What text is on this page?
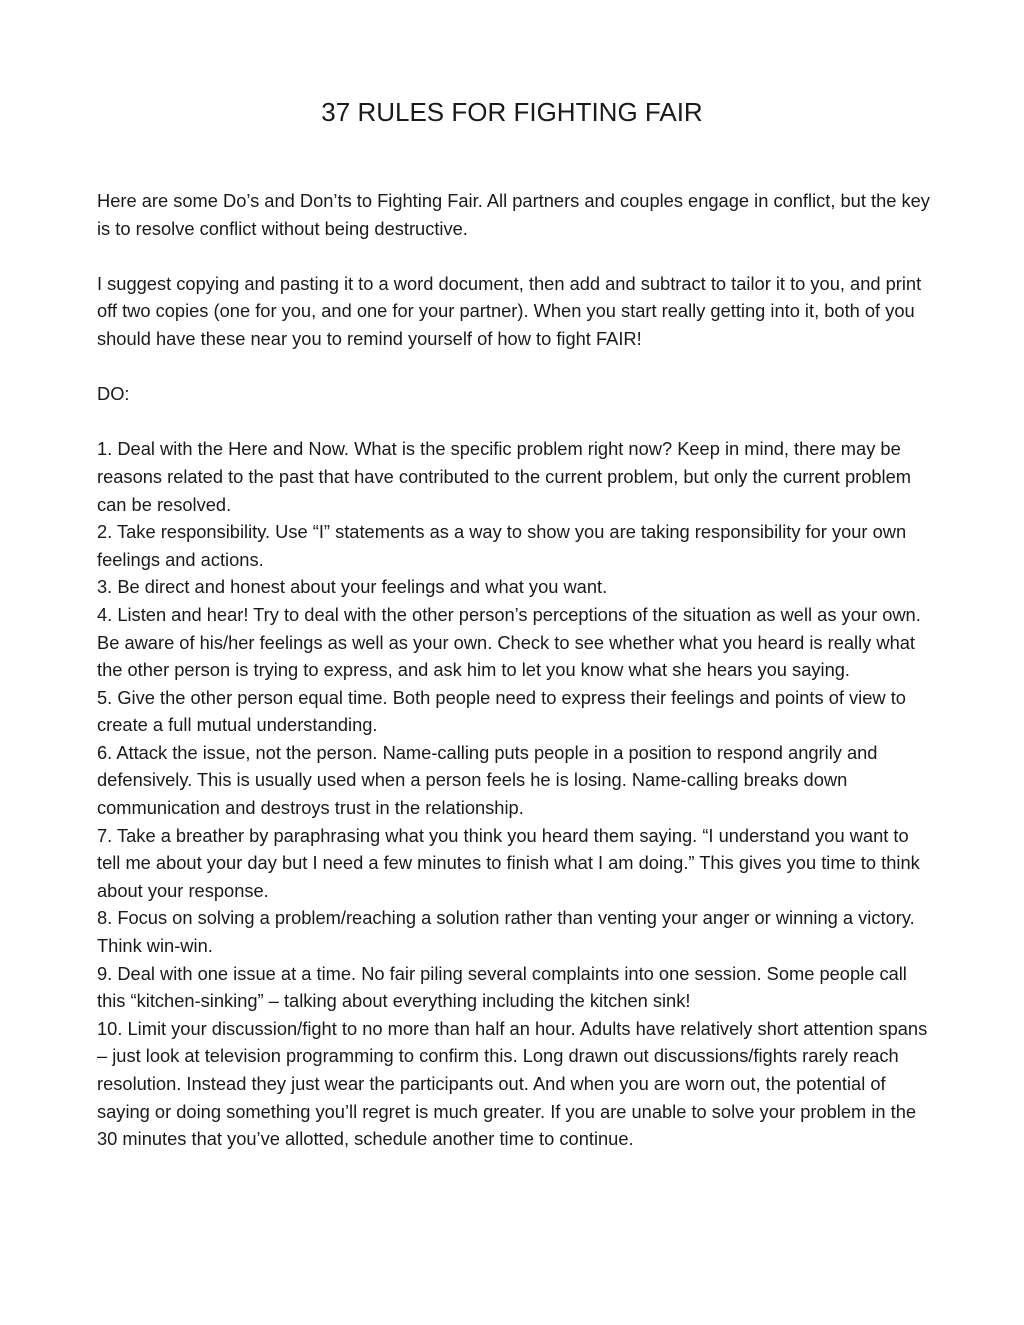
37 RULES FOR FIGHTING FAIR

Here are some Do’s and Don’ts to Fighting Fair. All partners and couples engage in conflict, but the key is to resolve conflict without being destructive.

I suggest copying and pasting it to a word document, then add and subtract to tailor it to you, and print off two copies (one for you, and one for your partner). When you start really getting into it, both of you should have these near you to remind yourself of how to fight FAIR!

DO:

1. Deal with the Here and Now. What is the specific problem right now? Keep in mind, there may be reasons related to the past that have contributed to the current problem, but only the current problem can be resolved.
2. Take responsibility. Use “I” statements as a way to show you are taking responsibility for your own feelings and actions.
3. Be direct and honest about your feelings and what you want.
4. Listen and hear! Try to deal with the other person’s perceptions of the situation as well as your own. Be aware of his/her feelings as well as your own. Check to see whether what you heard is really what the other person is trying to express, and ask him to let you know what she hears you saying.
5. Give the other person equal time. Both people need to express their feelings and points of view to create a full mutual understanding.
6. Attack the issue, not the person. Name-calling puts people in a position to respond angrily and defensively. This is usually used when a person feels he is losing. Name-calling breaks down communication and destroys trust in the relationship.
7. Take a breather by paraphrasing what you think you heard them saying. “I understand you want to tell me about your day but I need a few minutes to finish what I am doing.” This gives you time to think about your response.
8. Focus on solving a problem/reaching a solution rather than venting your anger or winning a victory. Think win-win.
9. Deal with one issue at a time. No fair piling several complaints into one session. Some people call this “kitchen-sinking” – talking about everything including the kitchen sink!
10. Limit your discussion/fight to no more than half an hour. Adults have relatively short attention spans – just look at television programming to confirm this. Long drawn out discussions/fights rarely reach resolution. Instead they just wear the participants out. And when you are worn out, the potential of saying or doing something you’ll regret is much greater. If you are unable to solve your problem in the 30 minutes that you’ve allotted, schedule another time to continue.
